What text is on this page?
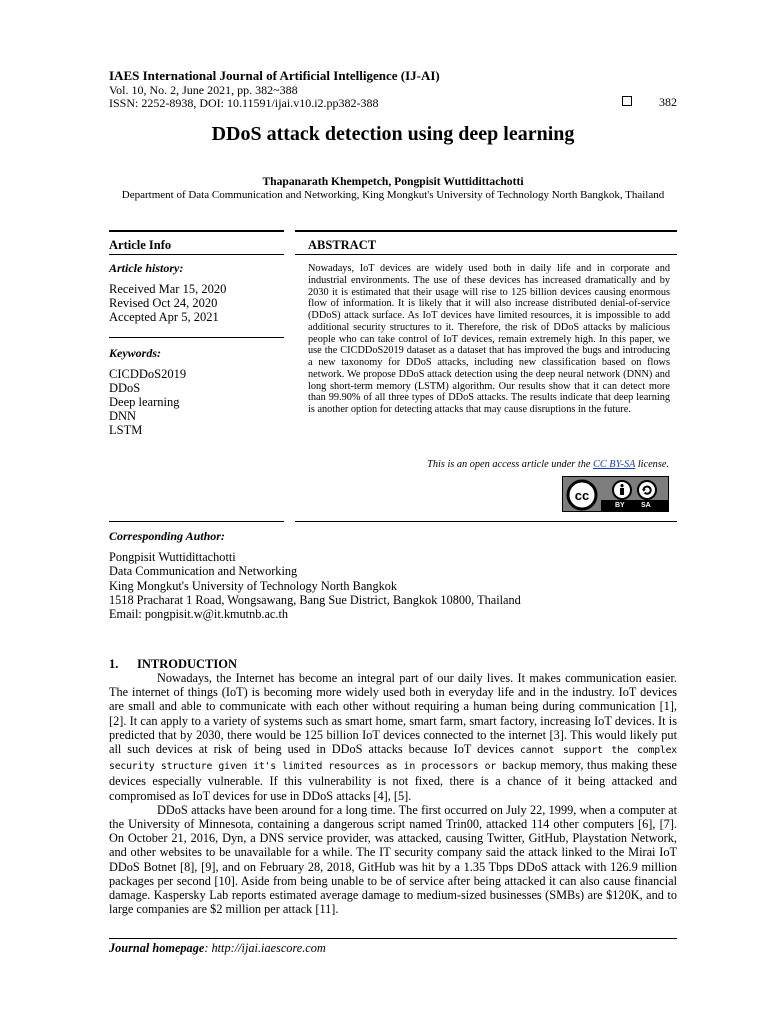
IAES International Journal of Artificial Intelligence (IJ-AI)
Vol. 10, No. 2, June 2021, pp. 382~388
ISSN: 2252-8938, DOI: 10.11591/ijai.v10.i2.pp382-388	382
DDoS attack detection using deep learning
Thapanarath Khempetch, Pongpisit Wuttidittachotti
Department of Data Communication and Networking, King Mongkut's University of Technology North Bangkok, Thailand
Article Info
Article history:
Received Mar 15, 2020
Revised Oct 24, 2020
Accepted Apr 5, 2021
Keywords:
CICDDoS2019
DDoS
Deep learning
DNN
LSTM
ABSTRACT
Nowadays, IoT devices are widely used both in daily life and in corporate and industrial environments. The use of these devices has increased dramatically and by 2030 it is estimated that their usage will rise to 125 billion devices causing enormous flow of information. It is likely that it will also increase distributed denial-of-service (DDoS) attack surface. As IoT devices have limited resources, it is impossible to add additional security structures to it. Therefore, the risk of DDoS attacks by malicious people who can take control of IoT devices, remain extremely high. In this paper, we use the CICDDoS2019 dataset as a dataset that has improved the bugs and introducing a new taxonomy for DDoS attacks, including new classification based on flows network. We propose DDoS attack detection using the deep neural network (DNN) and long short-term memory (LSTM) algorithm. Our results show that it can detect more than 99.90% of all three types of DDoS attacks. The results indicate that deep learning is another option for detecting attacks that may cause disruptions in the future.
This is an open access article under the CC BY-SA license.
cc
BY SA
Corresponding Author:
Pongpisit Wuttidittachotti
Data Communication and Networking
King Mongkut's University of Technology North Bangkok
1518 Pracharat 1 Road, Wongsawang, Bang Sue District, Bangkok 10800, Thailand
Email: pongpisit.w@it.kmutnb.ac.th
1. INTRODUCTION

Nowadays, the Internet has become an integral part of our daily lives. It makes communication easier. The internet of things (IoT) is becoming more widely used both in everyday life and in the industry. IoT devices are small and able to communicate with each other without requiring a human being during communication [1], [2]. It can apply to a variety of systems such as smart home, smart farm, smart factory, increasing IoT devices. It is predicted that by 2030, there would be 125 billion IoT devices connected to the internet [3]. This would likely put all such devices at risk of being used in DDoS attacks because IoT devices cannot support the complex security structure given it's limited resources as in processors or backup memory, thus making these devices especially vulnerable. If this vulnerability is not fixed, there is a chance of it being attacked and compromised as IoT devices for use in DDoS attacks [4], [5].

DDoS attacks have been around for a long time. The first occurred on July 22, 1999, when a computer at the University of Minnesota, containing a dangerous script named Trin00, attacked 114 other computers [6], [7]. On October 21, 2016, Dyn, a DNS service provider, was attacked, causing Twitter, GitHub, Playstation Network, and other websites to be unavailable for a while. The IT security company said the attack linked to the Mirai IoT DDoS Botnet [8], [9], and on February 28, 2018, GitHub was hit by a 1.35 Tbps DDoS attack with 126.9 million packages per second [10]. Aside from being unable to be of service after being attacked it can also cause financial damage. Kaspersky Lab reports estimated average damage to medium-sized businesses (SMBs) are $120K, and to large companies are $2 million per attack [11].

Journal homepage: http://ijai.iaescore.com
